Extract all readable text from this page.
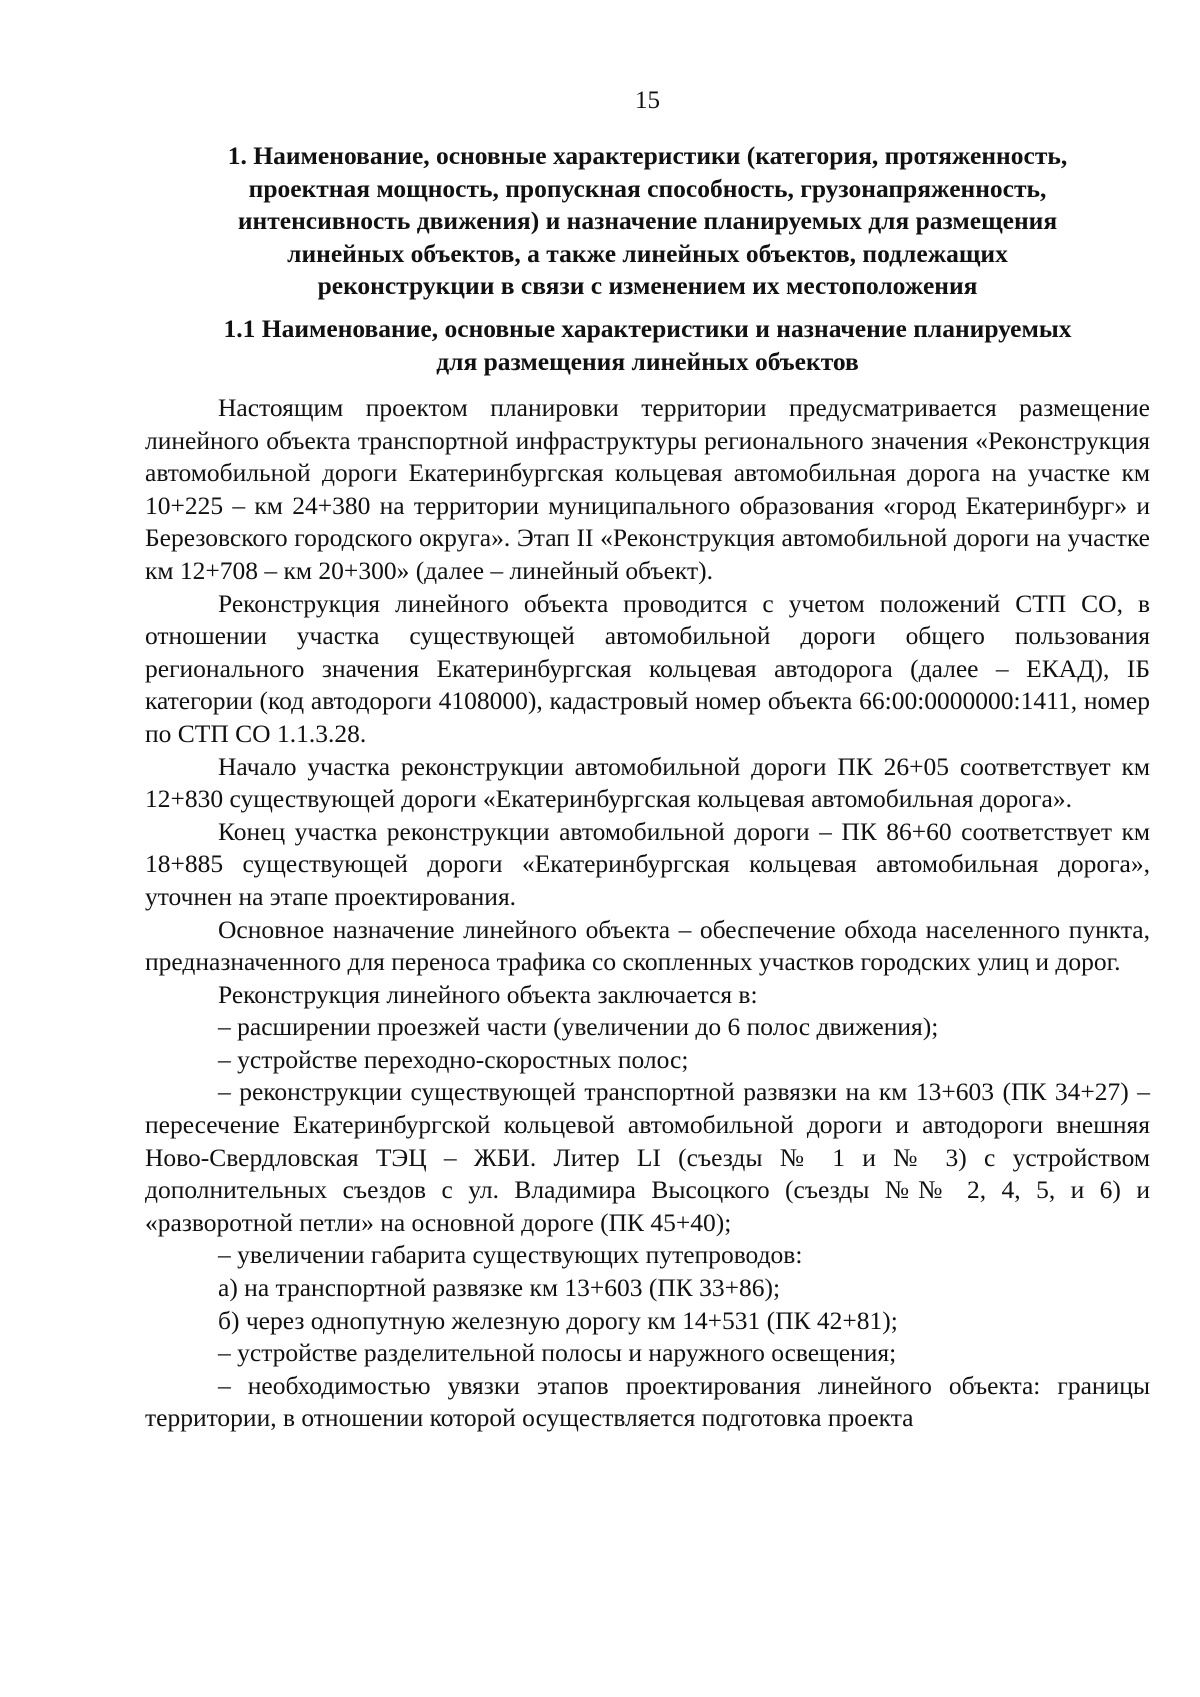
15
1. Наименование, основные характеристики (категория, протяженность,
проектная мощность, пропускная способность, грузонапряженность,
интенсивность движения) и назначение планируемых для размещения
линейных объектов, а также линейных объектов, подлежащих
реконструкции в связи с изменением их местоположения
1.1 Наименование, основные характеристики и назначение планируемых
для размещения линейных объектов

Настоящим проектом планировки территории предусматривается размещение линейного объекта транспортной инфраструктуры регионального значения «Реконструкция автомобильной дороги Екатеринбургская кольцевая автомобильная дорога на участке км 10+225 – км 24+380 на территории муниципального образования «город Екатеринбург» и Березовского городского округа». Этап II «Реконструкция автомобильной дороги на участке км 12+708 – км 20+300» (далее – линейный объект).

Реконструкция линейного объекта проводится с учетом положений СТП СО, в отношении участка существующей автомобильной дороги общего пользования регионального значения Екатеринбургская кольцевая автодорога (далее – ЕКАД), IБ категории (код автодороги 4108000), кадастровый номер объекта 66:00:0000000:1411, номер по СТП СО 1.1.3.28.

Начало участка реконструкции автомобильной дороги ПК 26+05 соответствует км 12+830 существующей дороги «Екатеринбургская кольцевая автомобильная дорога».

Конец участка реконструкции автомобильной дороги – ПК 86+60 соответствует км 18+885 существующей дороги «Екатеринбургская кольцевая автомобильная дорога», уточнен на этапе проектирования.

Основное назначение линейного объекта – обеспечение обхода населенного пункта, предназначенного для переноса трафика со скопленных участков городских улиц и дорог.

Реконструкция линейного объекта заключается в:

– расширении проезжей части (увеличении до 6 полос движения);

– устройстве переходно-скоростных полос;

– реконструкции существующей транспортной развязки на км 13+603 (ПК 34+27) – пересечение Екатеринбургской кольцевой автомобильной дороги и автодороги внешняя Ново-Свердловская ТЭЦ – ЖБИ. Литер LI (съезды № 1 и № 3) с устройством дополнительных съездов с ул. Владимира Высоцкого (съезды №№ 2, 4, 5, и 6) и «разворотной петли» на основной дороге (ПК 45+40);

– увеличении габарита существующих путепроводов:

а) на транспортной развязке км 13+603 (ПК 33+86);

б) через однопутную железную дорогу км 14+531 (ПК 42+81);

– устройстве разделительной полосы и наружного освещения;

– необходимостью увязки этапов проектирования линейного объекта: границы территории, в отношении которой осуществляется подготовка проекта
